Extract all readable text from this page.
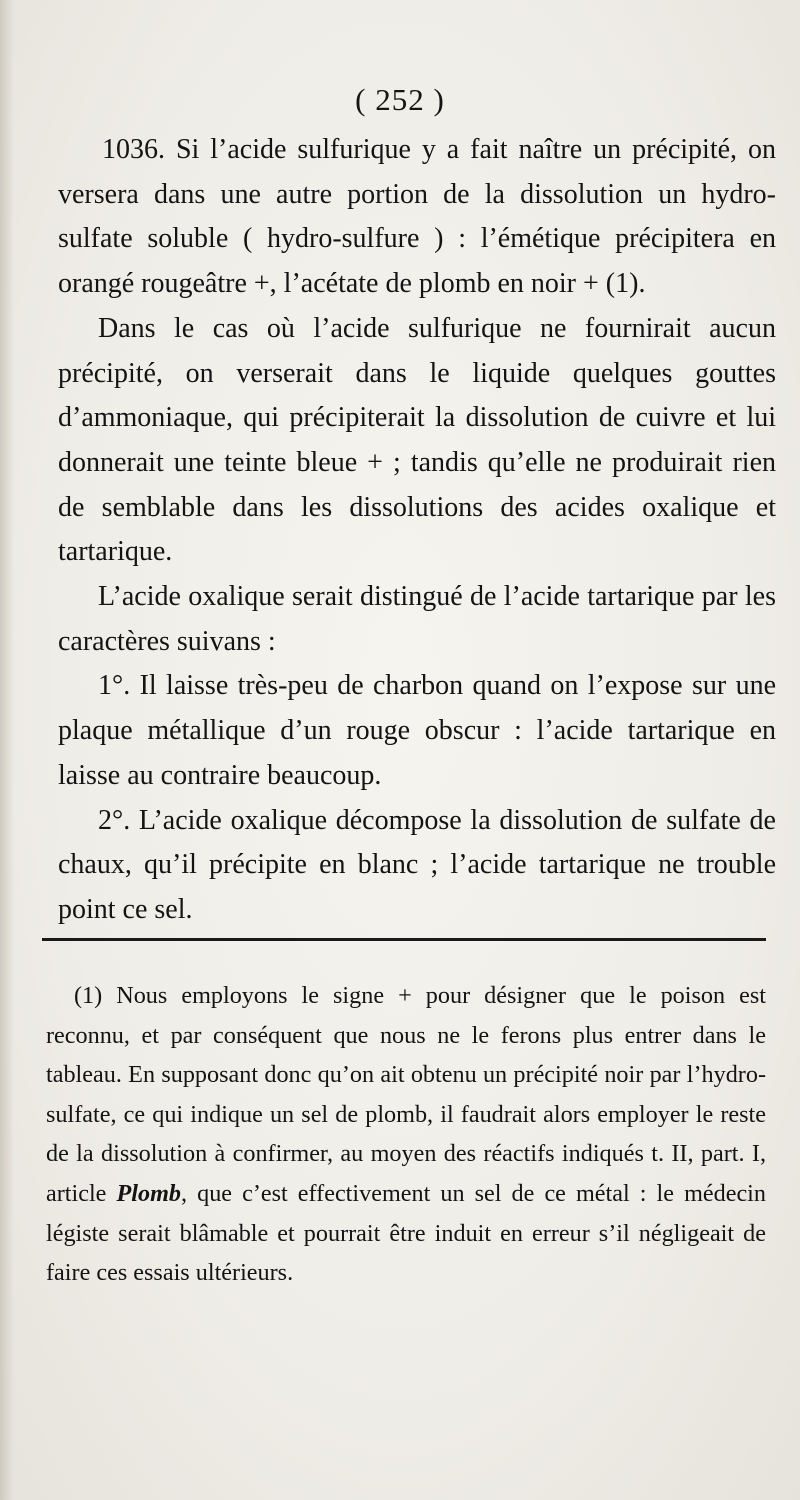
( 252 )

1036. Si l’acide sulfurique y a fait naître un précipité, on versera dans une autre portion de la dissolution un hydro-sulfate soluble ( hydro-sulfure ) : l’émétique précipitera en orangé rougeâtre +, l’acétate de plomb en noir + (1).

Dans le cas où l’acide sulfurique ne fournirait aucun précipité, on verserait dans le liquide quelques gouttes d’ammoniaque, qui précipiterait la dissolution de cuivre et lui donnerait une teinte bleue + ; tandis qu’elle ne produirait rien de semblable dans les dissolutions des acides oxalique et tartarique.

L’acide oxalique serait distingué de l’acide tartarique par les caractères suivans :

1°. Il laisse très-peu de charbon quand on l’expose sur une plaque métallique d’un rouge obscur : l’acide tartarique en laisse au contraire beaucoup.

2°. L’acide oxalique décompose la dissolution de sulfate de chaux, qu’il précipite en blanc ; l’acide tartarique ne trouble point ce sel.

(1) Nous employons le signe + pour désigner que le poison est reconnu, et par conséquent que nous ne le ferons plus entrer dans le tableau. En supposant donc qu’on ait obtenu un précipité noir par l’hydro-sulfate, ce qui indique un sel de plomb, il faudrait alors employer le reste de la dissolution à confirmer, au moyen des réactifs indiqués t. II, part. I, article Plomb, que c’est effectivement un sel de ce métal : le médecin légiste serait blâmable et pourrait être induit en erreur s’il négligeait de faire ces essais ultérieurs.
